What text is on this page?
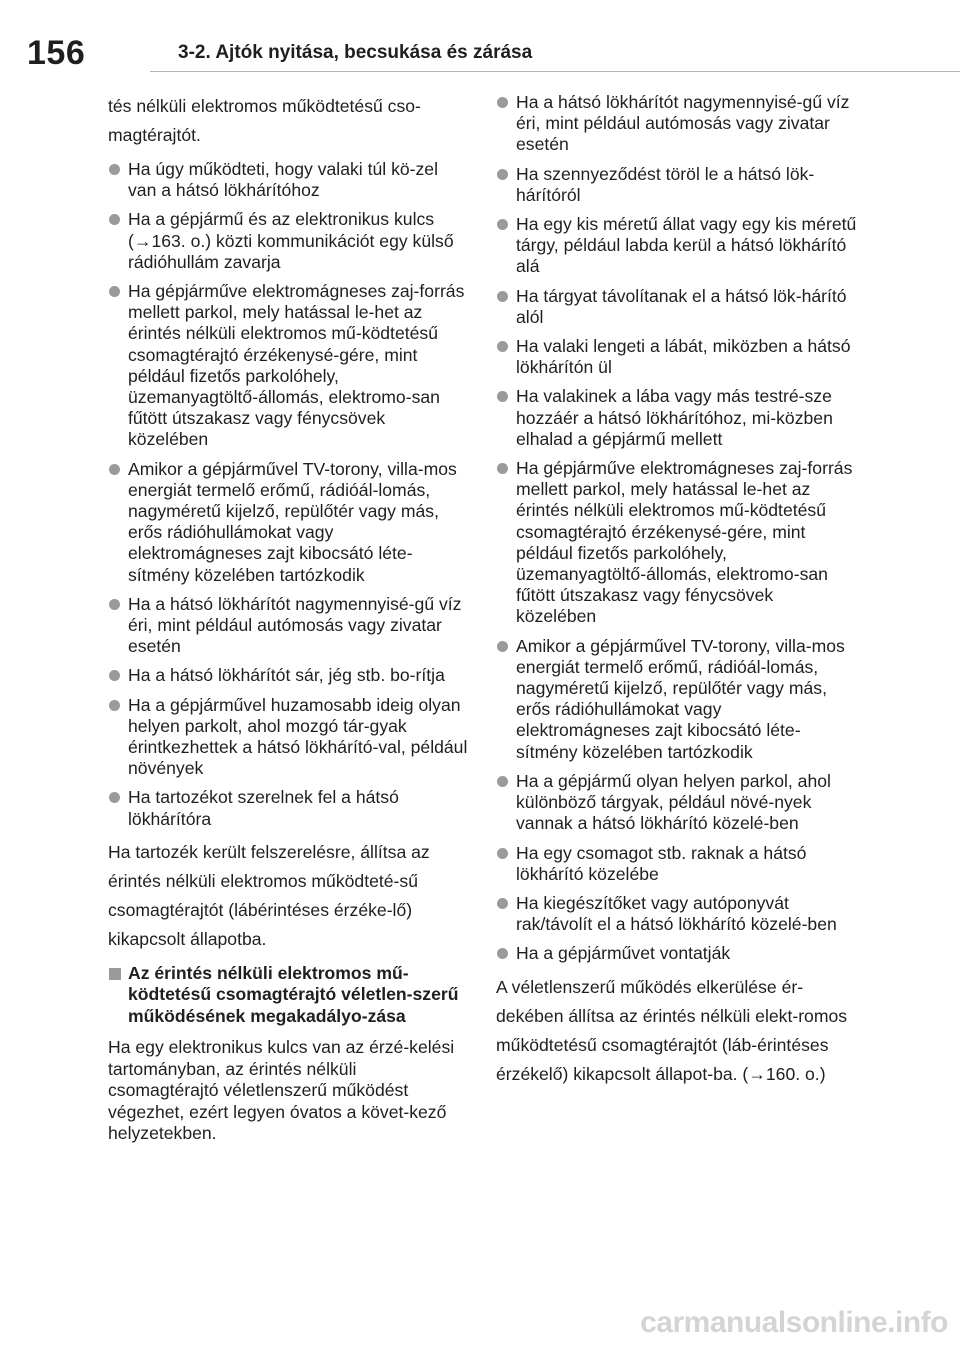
156	3-2. Ajtók nyitása, becsukása és zárása

tés nélküli elektromos működtetésű cso-magtérajtót.

Ha úgy működteti, hogy valaki túl kö-zel van a hátsó lökhárítóhoz
Ha a gépjármű és az elektronikus kulcs (→163. o.) közti kommunikációt egy külső rádióhullám zavarja
Ha gépjárműve elektromágneses zaj-forrás mellett parkol, mely hatással le-het az érintés nélküli elektromos mű-ködtetésű csomagtérajtó érzékenysé-gére, mint például fizetős parkolóhely, üzemanyagtöltő-állomás, elektromo-san fűtött útszakasz vagy fénycsövek közelében
Amikor a gépjárművel TV-torony, villa-mos energiát termelő erőmű, rádióál-lomás, nagyméretű kijelző, repülőtér vagy más, erős rádióhullámokat vagy elektromágneses zajt kibocsátó léte-sítmény közelében tartózkodik
Ha a hátsó lökhárítót nagymennyisé-gű víz éri, mint például autómosás vagy zivatar esetén
Ha a hátsó lökhárítót sár, jég stb. bo-rítja
Ha a gépjárművel huzamosabb ideig olyan helyen parkolt, ahol mozgó tár-gyak érintkezhettek a hátsó lökhárító-val, például növények
Ha tartozékot szerelnek fel a hátsó lökhárítóra

Ha tartozék került felszerelésre, állítsa az érintés nélküli elektromos működteté-sű csomagtérajtót (lábérintéses érzéke-lő) kikapcsolt állapotba.

Az érintés nélküli elektromos mű-ködtetésű csomagtérajtó véletlen-szerű működésének megakadályo-zása

Ha egy elektronikus kulcs van az érzé-kelési tartományban, az érintés nélküli csomagtérajtó véletlenszerű működést végezhet, ezért legyen óvatos a követ-kező helyzetekben.

Ha a hátsó lökhárítót nagymennyisé-gű víz éri, mint például autómosás vagy zivatar esetén
Ha szennyeződést töröl le a hátsó lök-hárítóról
Ha egy kis méretű állat vagy egy kis méretű tárgy, például labda kerül a hátsó lökhárító alá
Ha tárgyat távolítanak el a hátsó lök-hárító alól
Ha valaki lengeti a lábát, miközben a hátsó lökhárítón ül
Ha valakinek a lába vagy más testré-sze hozzáér a hátsó lökhárítóhoz, mi-közben elhalad a gépjármű mellett
Ha gépjárműve elektromágneses zaj-forrás mellett parkol, mely hatással le-het az érintés nélküli elektromos mű-ködtetésű csomagtérajtó érzékenysé-gére, mint például fizetős parkolóhely, üzemanyagtöltő-állomás, elektromo-san fűtött útszakasz vagy fénycsövek közelében
Amikor a gépjárművel TV-torony, villa-mos energiát termelő erőmű, rádióál-lomás, nagyméretű kijelző, repülőtér vagy más, erős rádióhullámokat vagy elektromágneses zajt kibocsátó léte-sítmény közelében tartózkodik
Ha a gépjármű olyan helyen parkol, ahol különböző tárgyak, például növé-nyek vannak a hátsó lökhárító közelé-ben
Ha egy csomagot stb. raknak a hátsó lökhárító közelébe
Ha kiegészítőket vagy autóponyvát rak/távolít el a hátsó lökhárító közelé-ben
Ha a gépjárművet vontatják

A véletlenszerű működés elkerülése ér-dekében állítsa az érintés nélküli elekt-romos működtetésű csomagtérajtót (láb-érintéses érzékelő) kikapcsolt állapot-ba. (→160. o.)

carmanualsonline.info
